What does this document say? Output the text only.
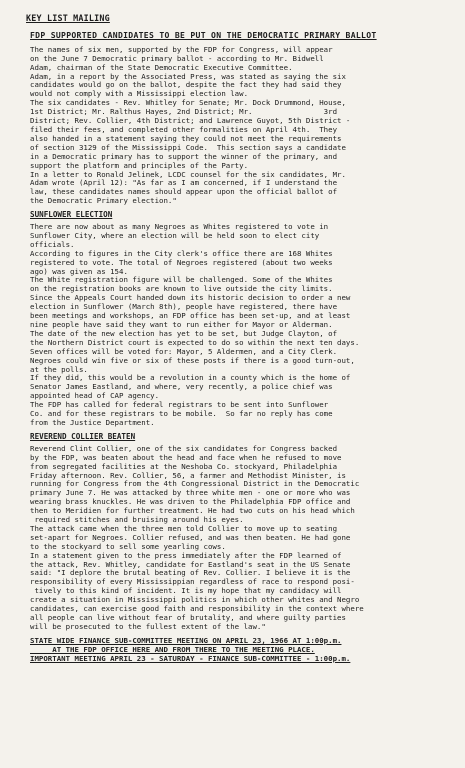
KEY LIST MAILING
FDP SUPPORTED CANDIDATES TO BE PUT ON THE DEMOCRATIC PRIMARY BALLOT

The names of six men, supported by the FDP for Congress, will appear
on the June 7 Democratic primary ballot - according to Mr. Bidwell
Adam, chairman of the State Democratic Executive Committee.
Adam, in a report by the Associated Press, was stated as saying the six
candidates would go on the ballot, despite the fact they had said they
would not comply with a Mississippi election law.
The six candidates - Rev. Whitley for Senate; Mr. Dock Drummond, House,
1st District; Mr. Ralthus Hayes, 2nd District; Mr.                3rd
District; Rev. Collier, 4th District; and Lawrence Guyot, 5th District -
filed their fees, and completed other formalities on April 4th.  They
also handed in a statement saying they could not meet the requirements
of section 3129 of the Mississippi Code.  This section says a candidate
in a Democratic primary has to support the winner of the primary, and
support the platform and principles of the Party.
In a letter to Ronald Jelinek, LCDC counsel for the six candidates, Mr.
Adam wrote (April 12): "As far as I am concerned, if I understand the
law, these candidates names should appear upon the official ballot of
the Democratic Primary election."

SUNFLOWER ELECTION

There are now about as many Negroes as Whites registered to vote in
Sunflower City, where an election will be held soon to elect city
officials.
According to figures in the City clerk's office there are 168 Whites
registered to vote. The total of Negroes registered (about two weeks
ago) was given as 154.
The White registration figure will be challenged. Some of the Whites
on the registration books are known to live outside the city limits.
Since the Appeals Court handed down its historic decision to order a new
election in Sunflower (March 8th), people have registered, there have
been meetings and workshops, an FDP office has been set-up, and at least
nine people have said they want to run either for Mayor or Alderman.
The date of the new election has yet to be set, but Judge Clayton, of
the Northern District court is expected to do so within the next ten days.
Seven offices will be voted for: Mayor, 5 Aldermen, and a City Clerk.
Negroes could win five or six of these posts if there is a good turn-out,
at the polls.
If they did, this would be a revolution in a county which is the home of
Senator James Eastland, and where, very recently, a police chief was
appointed head of CAP agency.
The FDP has called for federal registrars to be sent into Sunflower
Co. and for these registrars to be mobile.  So far no reply has come
from the Justice Department.

REVEREND COLLIER BEATEN

Reverend Clint Collier, one of the six candidates for Congress backed
by the FDP, was beaten about the head and face when he refused to move
from segregated facilities at the Neshoba Co. stockyard, Philadelphia
Friday afternoon. Rev. Collier, 56, a farmer and Methodist Minister, is
running for Congress from the 4th Congressional District in the Democratic
primary June 7. He was attacked by three white men - one or more who was
wearing brass knuckles. He was driven to the Philadelphia FDP office and
then to Meridien for further treatment. He had two cuts on his head which
required stitches and bruising around his eyes.
The attack came when the three men told Collier to move up to seating
set-apart for Negroes. Collier refused, and was then beaten. He had gone
to the stockyard to sell some yearling cows.
In a statement given to the press immediately after the FDP learned of
the attack, Rev. Whitley, candidate for Eastland's seat in the US Senate
said: "I deplore the brutal beating of Rev. Collier. I believe it is the
responsibility of every Mississippian regardless of race to respond posi-
tively to this kind of incident. It is my hope that my candidacy will
create a situation in Mississippi politics in which other whites and Negro
candidates, can exercise good faith and responsibility in the context where
all people can live without fear of brutality, and where guilty parties
will be prosecuted to the fullest extent of the law."

STATE WIDE FINANCE SUB-COMMITTEE MEETING ON APRIL 23, 1966 AT 1:00p.m.
AT THE FDP OFFICE HERE AND FROM THERE TO THE MEETING PLACE.
IMPORTANT MEETING APRIL 23 - SATURDAY - FINANCE SUB-COMMITTEE - 1:00p.m.
